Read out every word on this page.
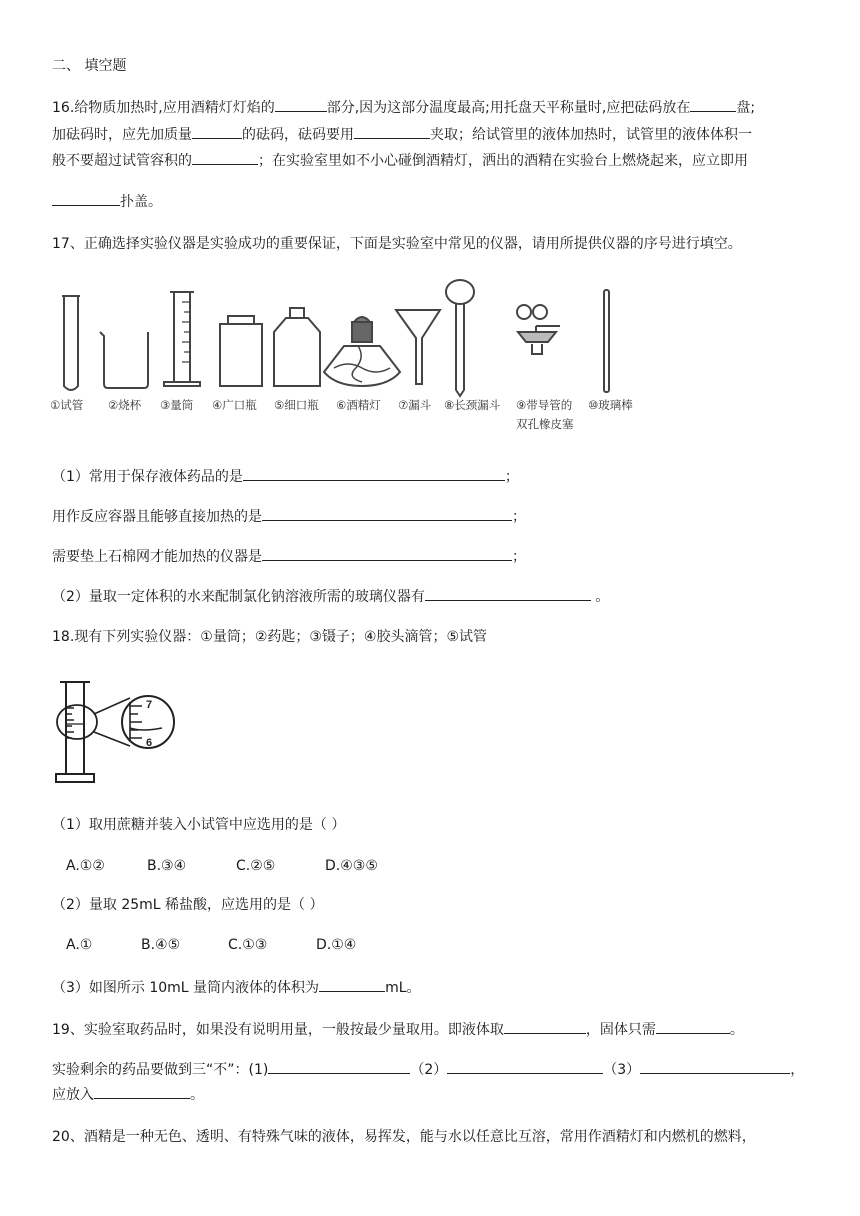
二、 填空题
16.给物质加热时,应用酒精灯灯焰的	部分,因为这部分温度最高;用托盘天平称量时,应把砝码放在	盘;
加砝码时，应先加质量	的砝码，砝码要用	夹取；给试管里的液体加热时，试管里的液体体积一
般不要超过试管容积的	；在实验室里如不小心碰倒酒精灯，洒出的酒精在实验台上燃烧起来，应立即用
扑盖。
17、正确选择实验仪器是实验成功的重要保证，下面是实验室中常见的仪器，请用所提供仪器的序号进行填空。
①试管 ②烧杯 ③量筒 ④广口瓶 ⑤细口瓶 ⑥酒精灯 ⑦漏斗 ⑧长颈漏斗 ⑨带导管的
双孔橡皮塞
⑩玻璃棒
（1）常用于保存液体药品的是	；
用作反应容器且能够直接加热的是	；
需要垫上石棉网才能加热的仪器是	；
（2）量取一定体积的水来配制氯化钠溶液所需的玻璃仪器有	。
18.现有下列实验仪器：①量筒；②药匙；③镊子；④胶头滴管；⑤试管
7
6
（1）取用蔗糖并装入小试管中应选用的是（ ）
A.①②	B.③④	C.②⑤	D.④③⑤
（2）量取 25mL 稀盐酸，应选用的是（ ）
A.①	B.④⑤	C.①③	D.①④
（3）如图所示 10mL 量筒内液体的体积为	mL。
19、实验室取药品时，如果没有说明用量，一般按最少量取用。即液体取	，固体只需	。
实验剩余的药品要做到三“不”：(1)	（2）	（3）	，
应放入	。
20、酒精是一种无色、透明、有特殊气味的液体，易挥发，能与水以任意比互溶，常用作酒精灯和内燃机的燃料，
